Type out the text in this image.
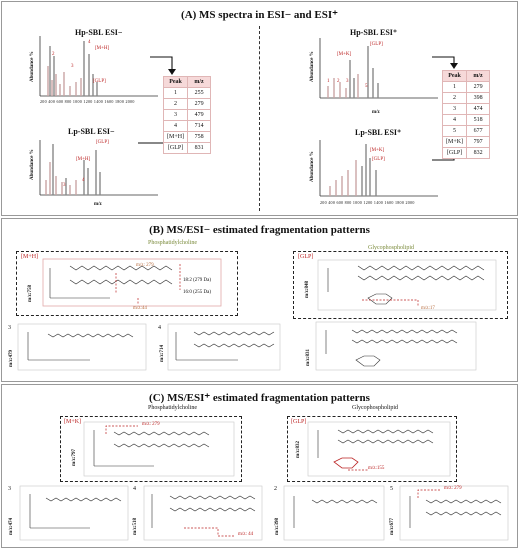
(A) MS spectra in ESI− and ESI⁺
Hp-SBL ESI−
Abundance %	2
3
4
[M+H]
[GLP]
200 400 600 800 1000 1200 1400 1600 1800 2000
Lp-SBL ESI−
Abundance %
3
4
[M+H]
[GLP]
m/z
Peak	m/z
1	255
2	279
3	479
4	714
[M+H]	758
[GLP]	831
Hp-SBL ESI⁺
Abundance %	[M+K]
[GLP]
5
2 3
1
m/z
Lp-SBL ESI⁺
Abundance %
[M+K]
[GLP]
200 400 600 800 1000 1200 1400 1600 1800 2000
Peak	m/z
1	279
2	398
3	474
4	518
5	677
[M+K]	797
[GLP]	832
(B) MS/ESI− estimated fragmentation patterns
Phosphatidylcholine
Glycophospholipid
[M+H]
m/z:758
m/z: 279
18:2 (279 Da)
16:0 (255 Da)
m/z:44
[GLP]
m/z:848
m/z:17
3
m/z:479
4
m/z:714	m/z:831
(C) MS/ESI⁺ estimated fragmentation patterns
Phosphatidylcholine	Glycophospholipid
[M+K]
m/z:797
m/z: 279	[GLP]
m/z:832
m/z:155
3
m/z:474
4
m/z:518	m/z: 44
2
m/z:398
5
m/z:677
m/z: 279
